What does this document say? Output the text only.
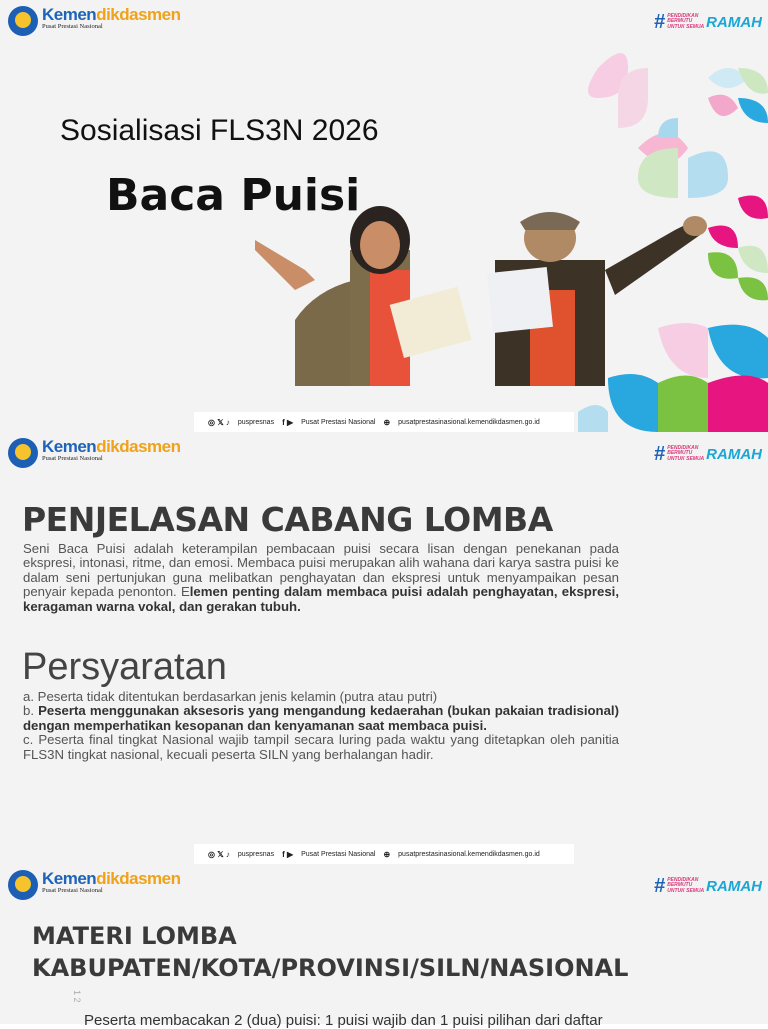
Kemendikdasmen
Pusat Prestasi Nasional	# PENDIDIKAN
BERMUTU
UNTUK SEMUA RAMAH
Sosialisasi FLS3N 2026
Baca Puisi
◎ 𝕏 ♪ puspresnas f ▶ Pusat Prestasi Nasional ⊕ pusatprestasinasional.kemendikdasmen.go.id
Kemendikdasmen
Pusat Prestasi Nasional	# PENDIDIKAN
BERMUTU
UNTUK SEMUA RAMAH
◎ 𝕏 ♪ puspresnas f ▶ Pusat Prestasi Nasional ⊕ pusatprestasinasional.kemendikdasmen.go.id
PENJELASAN CABANG LOMBA
Seni Baca Puisi adalah keterampilan pembacaan puisi secara lisan dengan penekanan pada ekspresi, intonasi, ritme, dan emosi. Membaca puisi merupakan alih wahana dari karya sastra puisi ke dalam seni pertunjukan guna melibatkan penghayatan dan ekspresi untuk menyampaikan pesan penyair kepada penonton. Elemen penting dalam membaca puisi adalah penghayatan, ekspresi, keragaman warna vokal, dan gerakan tubuh.
Persyaratan
a. Peserta tidak ditentukan berdasarkan jenis kelamin (putra atau putri)
b. Peserta menggunakan aksesoris yang mengandung kedaerahan (bukan pakaian tradisional) dengan memperhatikan kesopanan dan kenyamanan saat membaca puisi.
c. Peserta final tingkat Nasional wajib tampil secara luring pada waktu yang ditetapkan oleh panitia FLS3N tingkat nasional, kecuali peserta SILN yang berhalangan hadir.
Kemendikdasmen
Pusat Prestasi Nasional	# PENDIDIKAN
BERMUTU
UNTUK SEMUA RAMAH
MATERI LOMBA
KABUPATEN/KOTA/PROVINSI/SILN/NASIONAL
1 2
Peserta membacakan 2 (dua) puisi: 1 puisi wajib dan 1 puisi pilihan dari daftar
